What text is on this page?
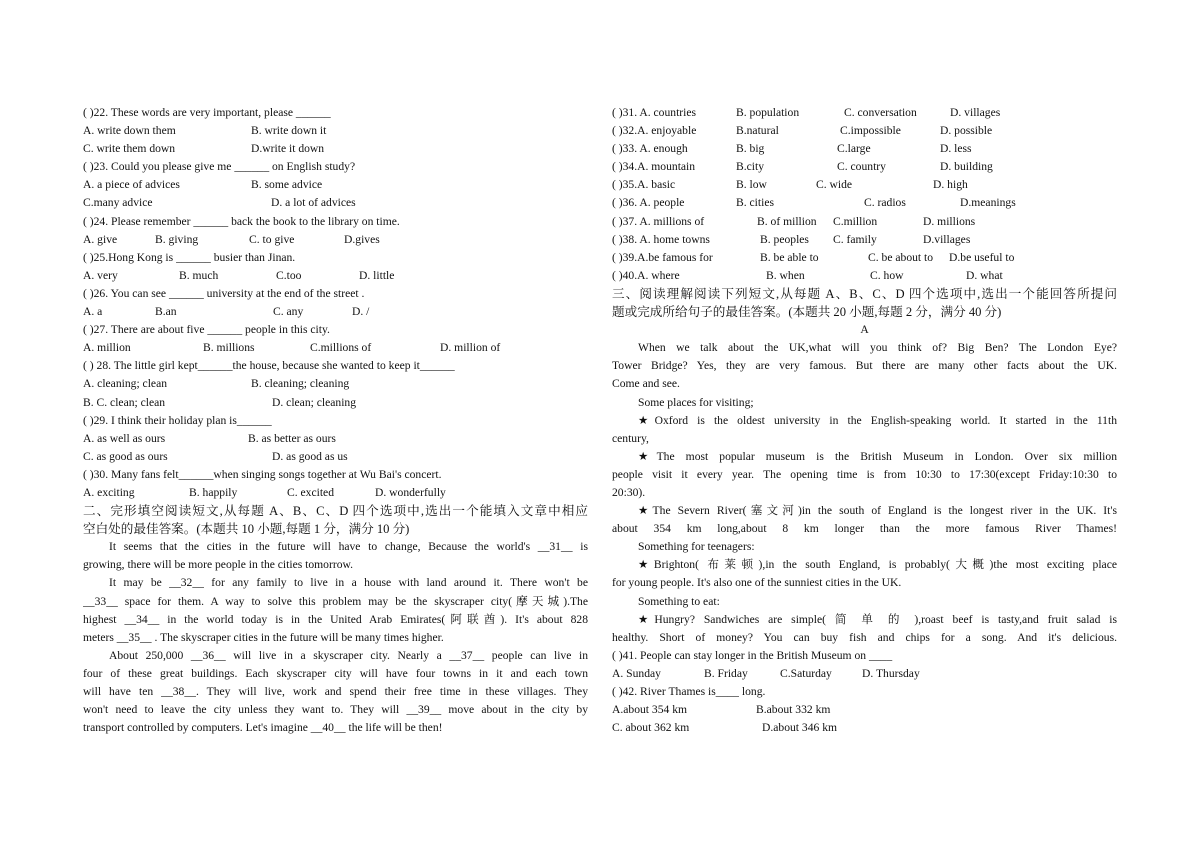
( )22. These words are very important, please ______
A. write down them	B. write down it
C. write them down	D.write it down
( )23. Could you please give me ______ on English study?
A. a piece of advices	B. some advice
C.many advice	D. a lot of advices
( )24. Please remember ______ back the book to the library on time.
A. give	B. giving	C. to give	D.gives
( )25.Hong Kong is ______ busier than Jinan.
A. very	B. much	C.too	D. little
( )26. You can see ______ university at the end of the street .
A. a	B.an	C. any	D. /
( )27. There are about five ______ people in this city.
A. million	B. millions	C.millions of	D. million of
( ) 28. The little girl kept______the house, because she wanted to keep it______
A. cleaning; clean	B. cleaning; cleaning
B. C. clean; clean	D. clean; cleaning
( )29. I think their holiday plan is______
A. as well as ours	B. as better as ours
C. as good as ours	D. as good as us
( )30. Many fans felt______when singing songs together at Wu Bai's concert.
A. exciting	B. happily	C. excited	D. wonderfully
二、完形填空阅读短文,从每题 A、B、C、D 四个选项中,选出一个能填入文章中相应
空白处的最佳答案。(本题共 10 小题,每题 1 分，满分 10 分)
It seems that the cities in the future will have to change, Because the world's __31__ is
growing, there will be more people in the cities tomorrow.
It may be __32__ for any family to live in a house with land around it. There won't be
__33__ space for them. A way to solve this problem may be the skyscraper city(摩天城).The
highest __34__ in the world today is in the United Arab Emirates(阿联酋). It's about 828
meters __35__ . The skyscraper cities in the future will be many times higher.
About 250,000 __36__ will live in a skyscraper city. Nearly a __37__ people can live in
four of these great buildings. Each skyscraper city will have four towns in it and each town
will have ten __38__. They will live, work and spend their free time in these villages. They
won't need to leave the city unless they want to. They will __39__ move about in the city by
transport controlled by computers. Let's imagine __40__ the life will be then!
( )31. A. countries	B. population	C. conversation	D. villages
( )32.A. enjoyable	B.natural	C.impossible	D. possible
( )33. A. enough	B. big	C.large	D. less
( )34.A. mountain	B.city	C. country	D. building
( )35.A. basic	B. low	C. wide	D. high
( )36. A. people	B. cities	C. radios	D.meanings
( )37. A. millions of	B. of million C.million	D. millions
( )38. A. home towns	B. peoples C. family	D.villages
( )39.A.be famous for	B. be able to	C. be about to D.be useful to
( )40.A. where	B. when	C. how	D. what
三、阅读理解阅读下列短文,从每题 A、B、C、D 四个选项中,选出一个能回答所提问
题或完成所给句子的最佳答案。(本题共 20 小题,每题 2 分，满分 40 分)
A
When we talk about the UK,what will you think of? Big Ben? The London Eye?
Tower Bridge? Yes, they are very famous. But there are many other facts about the UK.
Come and see.
Some places for visiting;
★Oxford is the oldest university in the English-speaking world. It started in the 11th
century,
★The most popular museum is the British Museum in London. Over six million
people visit it every year. The opening time is from 10:30 to 17:30(except Friday:10:30 to
20:30).
★The Severn River(塞文河)in the south of England is the longest river in the UK. It's
about 354 km long,about 8 km longer than the more famous River Thames!
Something for teenagers:
★Brighton( 布莱顿),in the south England, is probably(大概)the most exciting place
for young people. It's also one of the sunniest cities in the UK.
Something to eat:
★Hungry? Sandwiches are simple( 简 单 的 ),roast beef is tasty,and fruit salad is
healthy. Short of money? You can buy fish and chips for a song. And it's delicious.
( )41. People can stay longer in the British Museum on ____
A. Sunday	B. Friday	C.Saturday	D. Thursday
( )42. River Thames is____ long.
A.about 354 km	B.about 332 km
C. about 362 km	D.about 346 km
